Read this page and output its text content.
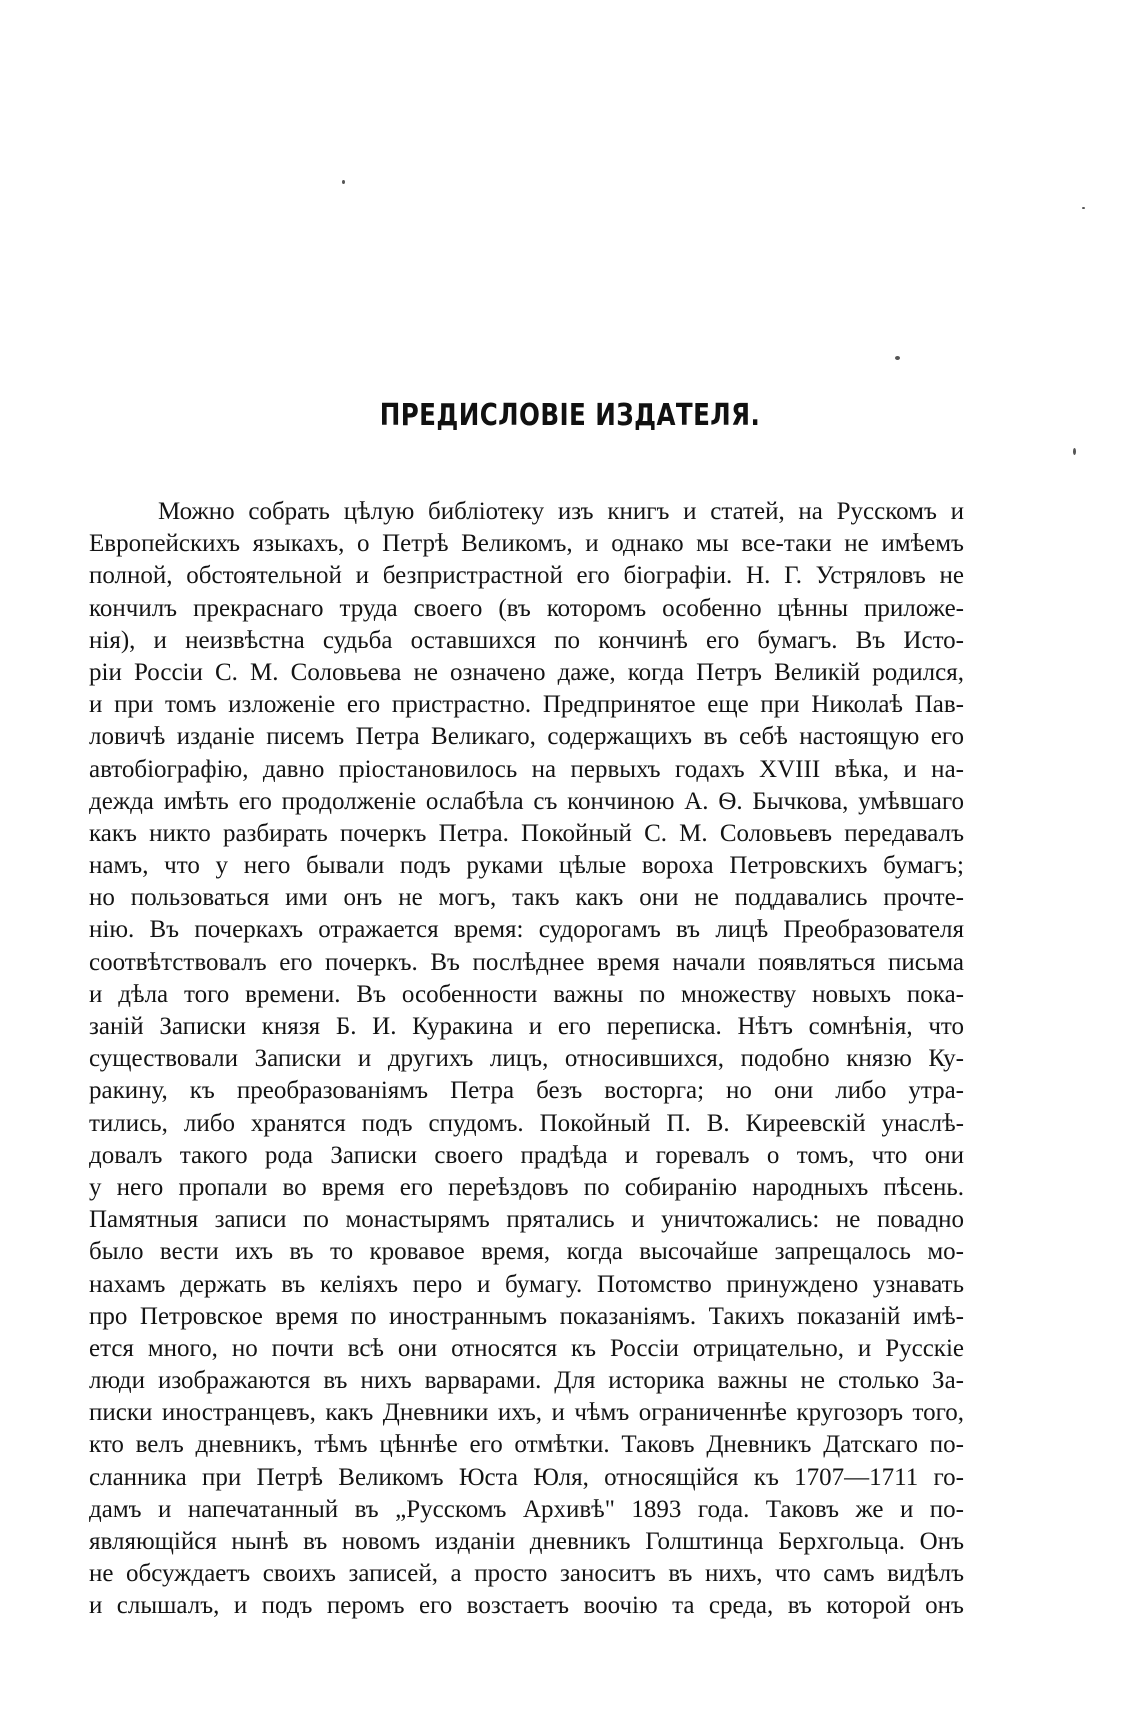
ПРЕДИСЛОВIЕ ИЗДАТЕЛЯ.
Можно собрать цѣлую библiотеку изъ книгъ и статей, на Русскомъ и
Европейскихъ языкахъ, о Петрѣ Великомъ, и однако мы все-таки не имѣемъ
полной, обстоятельной и безпристрастной его бiографiи. Н. Г. Устряловъ не
кончилъ прекраснаго труда своего (въ которомъ особенно цѣнны приложе-
нiя), и неизвѣстна судьба оставшихся по кончинѣ его бумагъ. Въ Исто-
рiи Россiи С. М. Соловьева не означено даже, когда Петръ Великiй родился,
и при томъ изложенiе его пристрастно. Предпринятое еще при Николаѣ Пав-
ловичѣ изданiе писемъ Петра Великаго, содержащихъ въ себѣ настоящую его
автобiографiю, давно прiостановилось на первыхъ годахъ XVIII вѣка, и на-
дежда имѣть его продолженiе ослабѣла съ кончиною А. Ѳ. Бычкова, умѣвшаго
какъ никто разбирать почеркъ Петра. Покойный С. М. Соловьевъ передавалъ
намъ, что у него бывали подъ руками цѣлые вороха Петровскихъ бумагъ;
но пользоваться ими онъ не могъ, такъ какъ они не поддавались прочте-
нiю. Въ почеркахъ отражается время: судорогамъ въ лицѣ Преобразователя
соотвѣтствовалъ его почеркъ. Въ послѣднее время начали появляться письма
и дѣла того времени. Въ особенности важны по множеству новыхъ пока-
занiй Записки князя Б. И. Куракина и его переписка. Нѣтъ сомнѣнiя, что
существовали Записки и другихъ лицъ, относившихся, подобно князю Ку-
ракину, къ преобразованiямъ Петра безъ восторга; но они либо утра-
тились, либо хранятся подъ спудомъ. Покойный П. В. Киреевскiй унаслѣ-
довалъ такого рода Записки своего прадѣда и горевалъ о томъ, что они
у него пропали во время его переѣздовъ по собиранiю народныхъ пѣсень.
Памятныя записи по монастырямъ прятались и уничтожались: не повадно
было вести ихъ въ то кровавое время, когда высочайше запрещалось мо-
нахамъ держать въ келiяхъ перо и бумагу. Потомство принуждено узнавать
про Петровское время по иностраннымъ показанiямъ. Такихъ показанiй имѣ-
ется много, но почти всѣ они относятся къ Россiи отрицательно, и Русскiе
люди изображаются въ нихъ варварами. Для историка важны не столько За-
писки иностранцевъ, какъ Дневники ихъ, и чѣмъ ограниченнѣе кругозоръ того,
кто велъ дневникъ, тѣмъ цѣннѣе его отмѣтки. Таковъ Дневникъ Датскаго по-
сланника при Петрѣ Великомъ Юста Юля, относящiйся къ 1707—1711 го-
дамъ и напечатанный въ „Русскомъ Архивѣ" 1893 года. Таковъ же и по-
являющiйся нынѣ въ новомъ изданiи дневникъ Голштинца Берхгольца. Онъ
не обсуждаетъ своихъ записей, а просто заноситъ въ нихъ, что самъ видѣлъ
и слышалъ, и подъ перомъ его возстаетъ воочiю та среда, въ которой онъ
